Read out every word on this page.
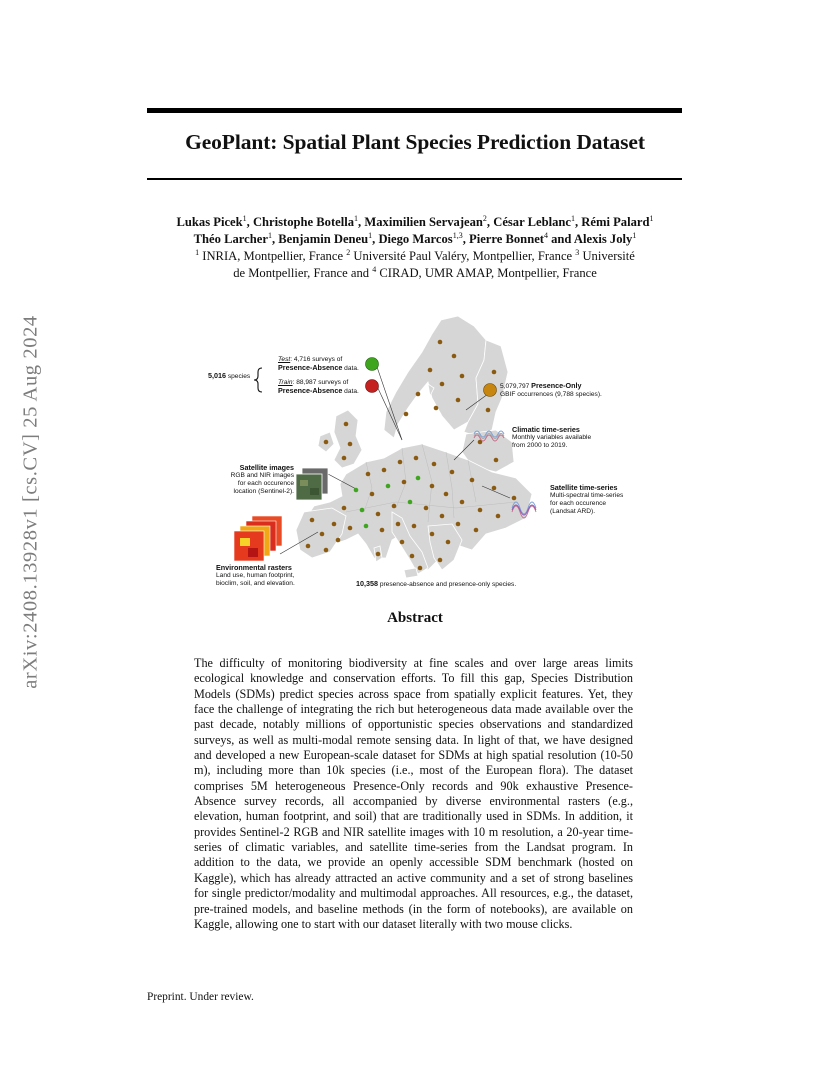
GeoPlant: Spatial Plant Species Prediction Dataset
Lukas Picek$^1$, Christophe Botella$^1$, Maximilien Servajean$^2$, César Leblanc$^1$, Rémi Palard$^1$
Théo Larcher$^1$, Benjamin Deneu$^1$, Diego Marcos$^{1,3}$, Pierre Bonnet$^4$ and Alexis Joly$^1$
$^1$ INRIA, Montpellier, France $^2$ Université Paul Valéry, Montpellier, France $^3$ Université
de Montpellier, France and $^4$ CIRAD, UMR AMAP, Montpellier, France
arXiv:2408.13928v1 [cs.CV] 25 Aug 2024	5,016 species
Test: 4,716 surveys of
Presence-Absence data.
Train: 88,987 surveys of
Presence-Absence data.
5,079,797 Presence-Only
GBIF occurrences (9,788 species).
Climatic time-series
Monthly variables available
from 2000 to 2019.
Satellite images
RGB and NIR images
for each occurence
location (Sentinel-2).
Environmental rasters
Land use, human footprint,
bioclim, soil, and elevation.	10,358 presence-absence and presence-only species.
Satellite time-series
Multi-spectral time-series
for each occurence
(Landsat ARD).
Abstract
The difficulty of monitoring biodiversity at fine scales and over large areas limits ecological knowledge and conservation efforts. To fill this gap, Species Distribution Models (SDMs) predict species across space from spatially explicit features. Yet, they face the challenge of integrating the rich but heterogeneous data made available over the past decade, notably millions of opportunistic species observations and standardized surveys, as well as multi-modal remote sensing data. In light of that, we have designed and developed a new European-scale dataset for SDMs at high spatial resolution (10-50 m), including more than 10k species (i.e., most of the European flora). The dataset comprises 5M heterogeneous Presence-Only records and 90k exhaustive Presence-Absence survey records, all accompanied by diverse environmental rasters (e.g., elevation, human footprint, and soil) that are traditionally used in SDMs. In addition, it provides Sentinel-2 RGB and NIR satellite images with 10 m resolution, a 20-year time-series of climatic variables, and satellite time-series from the Landsat program. In addition to the data, we provide an openly accessible SDM benchmark (hosted on Kaggle), which has already attracted an active community and a set of strong baselines for single predictor/modality and multimodal approaches. All resources, e.g., the dataset, pre-trained models, and baseline methods (in the form of notebooks), are available on Kaggle, allowing one to start with our dataset literally with two mouse clicks.
Preprint. Under review.
